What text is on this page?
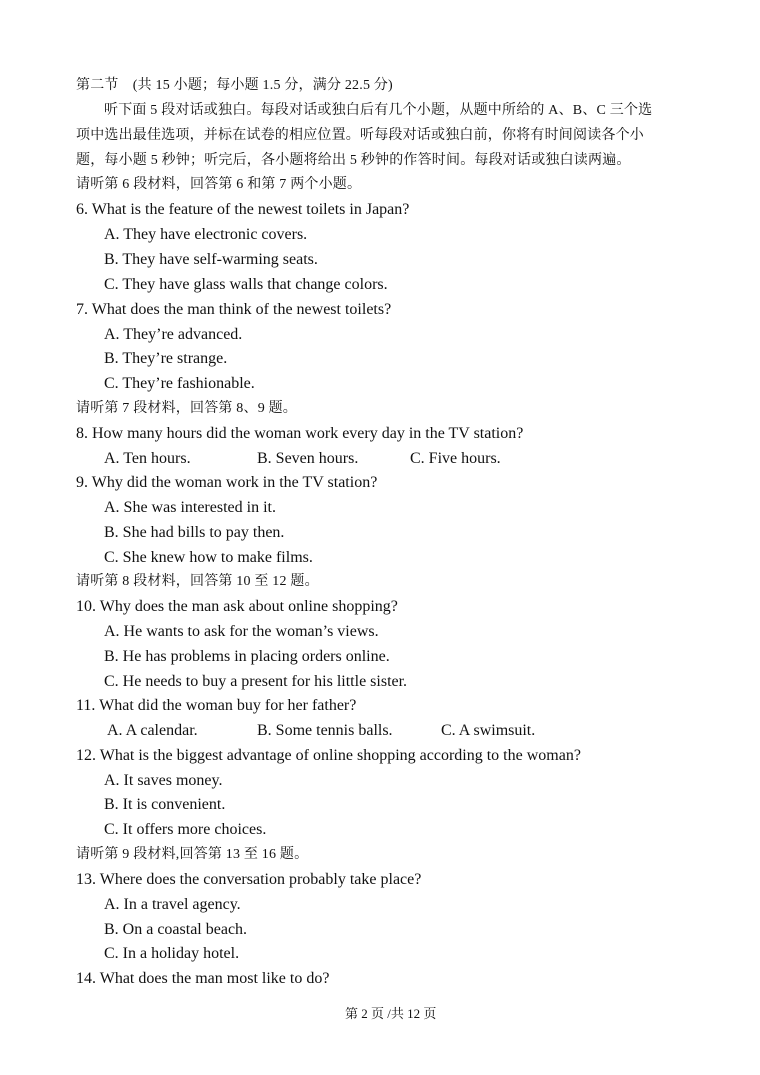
第二节　(共 15 小题；每小题 1.5 分，满分 22.5 分)
听下面 5 段对话或独白。每段对话或独白后有几个小题，从题中所给的 A、B、C 三个选
项中选出最佳选项，并标在试卷的相应位置。听每段对话或独白前，你将有时间阅读各个小
题，每小题 5 秒钟；听完后，各小题将给出 5 秒钟的作答时间。每段对话或独白读两遍。
请听第 6 段材料，回答第 6 和第 7 两个小题。
6. What is the feature of the newest toilets in Japan?
A. They have electronic covers.
B. They have self-warming seats.
C. They have glass walls that change colors.
7. What does the man think of the newest toilets?
A. They’re advanced.
B. They’re strange.
C. They’re fashionable.
请听第 7 段材料，回答第 8、9 题。
8. How many hours did the woman work every day in the TV station?
A. Ten hours.	B. Seven hours.	C. Five hours.
9. Why did the woman work in the TV station?
A. She was interested in it.
B. She had bills to pay then.
C. She knew how to make films.
请听第 8 段材料，回答第 10 至 12 题。
10. Why does the man ask about online shopping?
A. He wants to ask for the woman’s views.
B. He has problems in placing orders online.
C. He needs to buy a present for his little sister.
11. What did the woman buy for her father?
A. A calendar.	B. Some tennis balls.	C. A swimsuit.
12. What is the biggest advantage of online shopping according to the woman?
A. It saves money.
B. It is convenient.
C. It offers more choices.
请听第 9 段材料,回答第 13 至 16 题。
13. Where does the conversation probably take place?
A. In a travel agency.
B. On a coastal beach.
C. In a holiday hotel.
14. What does the man most like to do?
第 2 页 /共 12 页
